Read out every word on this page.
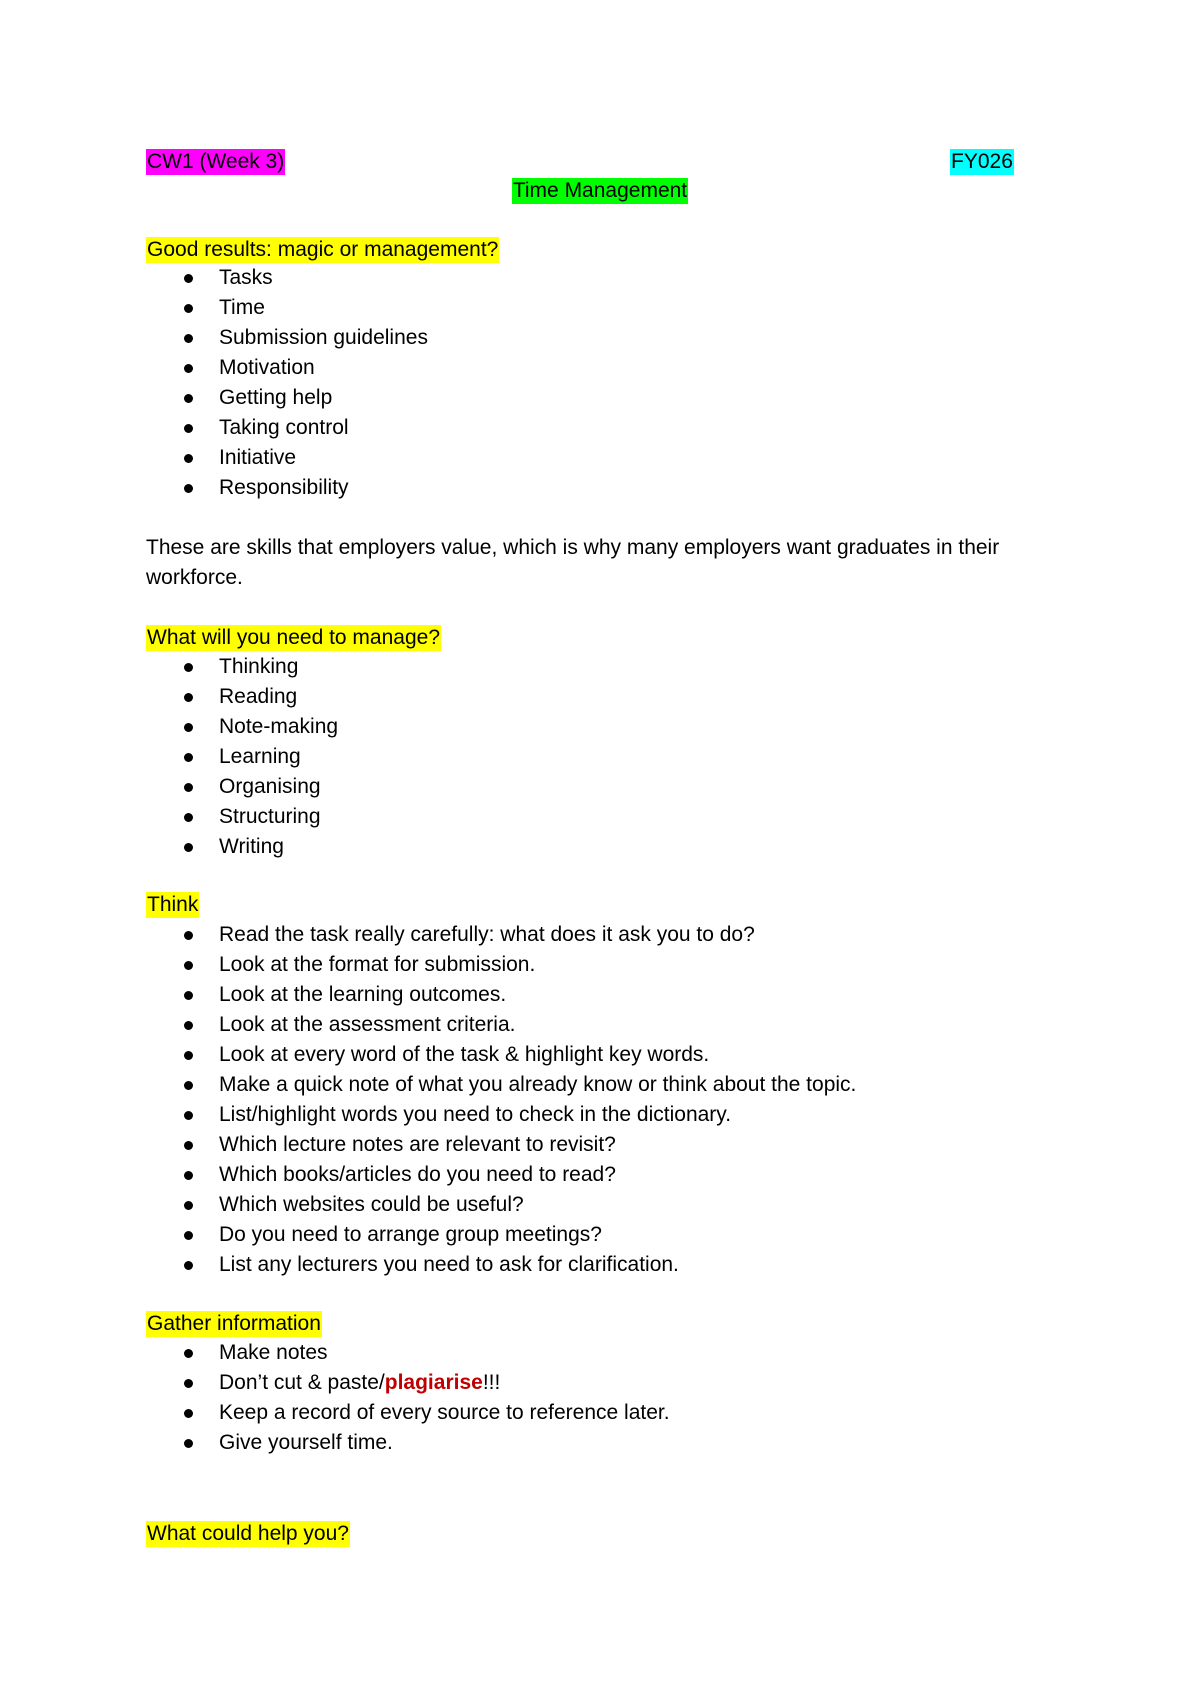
CW1 (Week 3)	FY026
Time Management
Good results: magic or management?
Tasks
Time
Submission guidelines
Motivation
Getting help
Taking control
Initiative
Responsibility
These are skills that employers value, which is why many employers want graduates in their workforce.
What will you need to manage?
Thinking
Reading
Note-making
Learning
Organising
Structuring
Writing
Think
Read the task really carefully: what does it ask you to do?
Look at the format for submission.
Look at the learning outcomes.
Look at the assessment criteria.
Look at every word of the task & highlight key words.
Make a quick note of what you already know or think about the topic.
List/highlight words you need to check in the dictionary.
Which lecture notes are relevant to revisit?
Which books/articles do you need to read?
Which websites could be useful?
Do you need to arrange group meetings?
List any lecturers you need to ask for clarification.
Gather information
Make notes
Don’t cut & paste/plagiarise!!!
Keep a record of every source to reference later.
Give yourself time.
What could help you?
